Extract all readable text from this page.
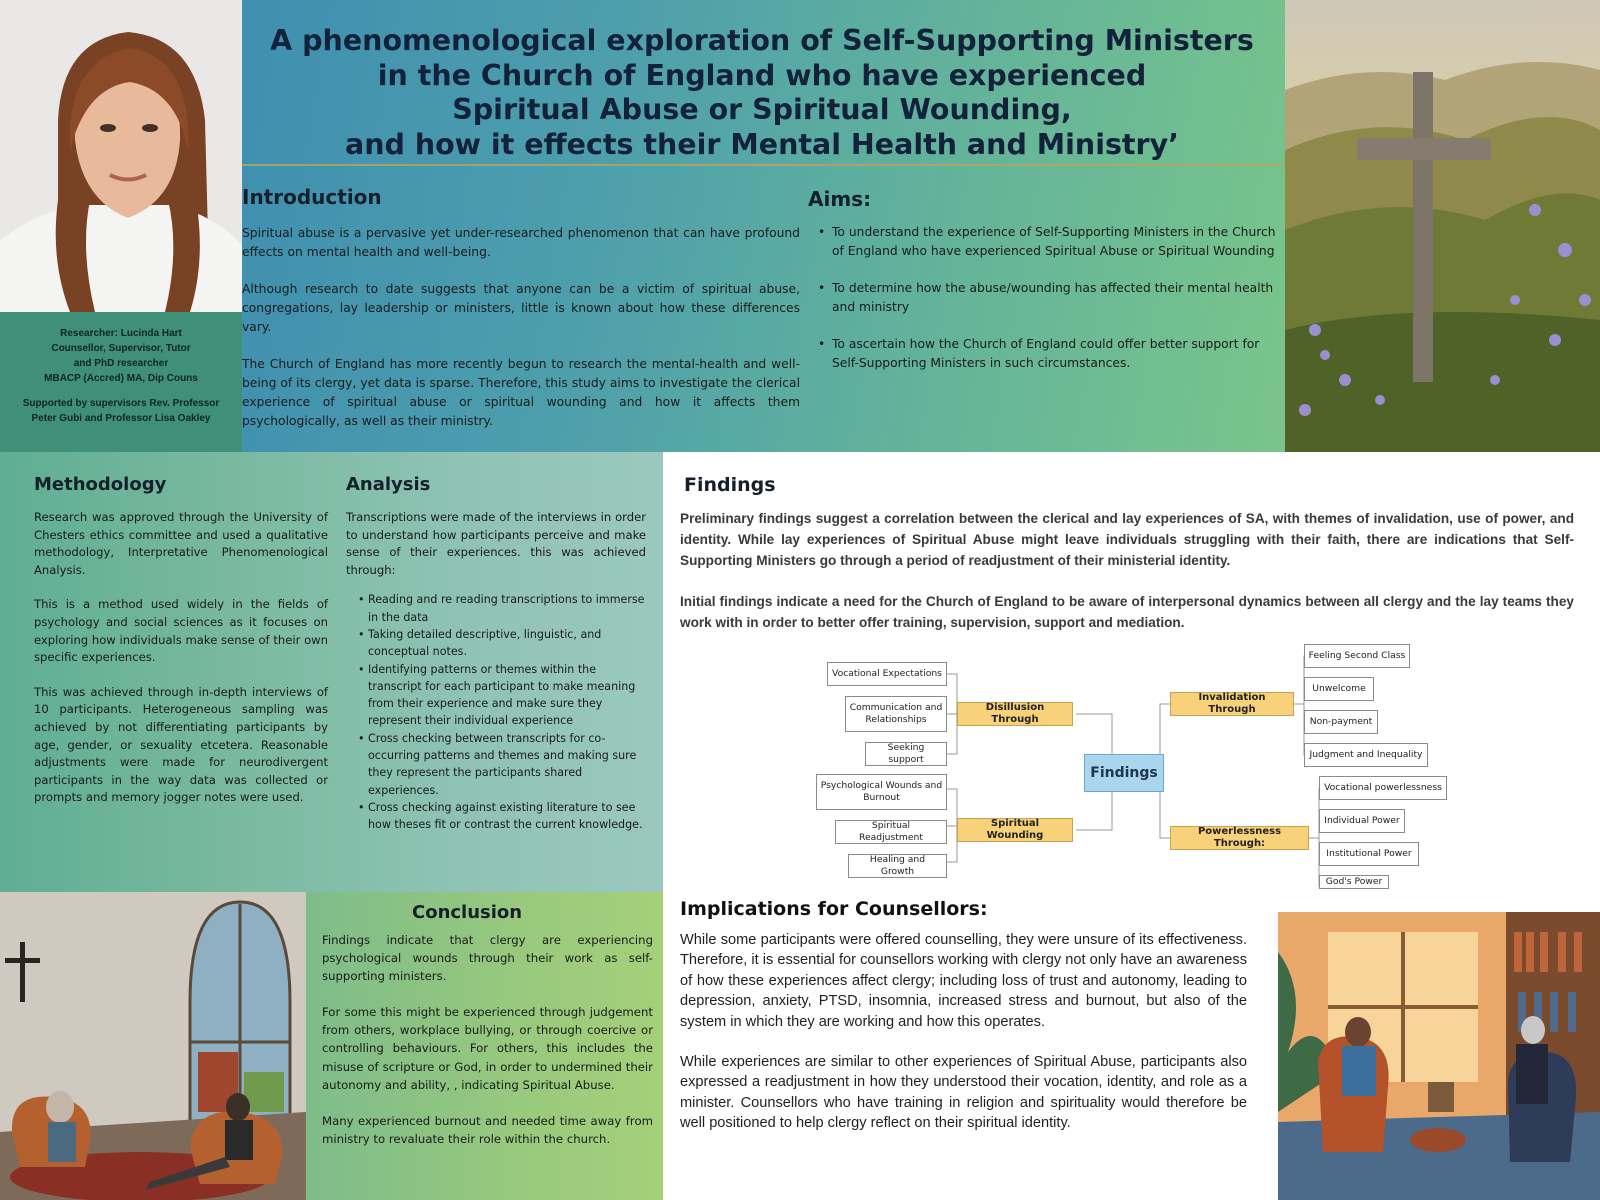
Researcher: Lucinda Hart
Counsellor, Supervisor, Tutor
and PhD researcher
MBACP (Accred) MA, Dip Couns
Supported by supervisors Rev. Professor
Peter Gubi and Professor Lisa Oakley
A phenomenological exploration of Self-Supporting Ministers
in the Church of England who have experienced
Spiritual Abuse or Spiritual Wounding,
and how it effects their Mental Health and Ministry’
Introduction

Spiritual abuse is a pervasive yet under-researched phenomenon that can have profound effects on mental health and well-being.

Although research to date suggests that anyone can be a victim of spiritual abuse, congregations, lay leadership or ministers, little is known about how these differences vary.

The Church of England has more recently begun to research the mental-health and well-being of its clergy, yet data is sparse. Therefore, this study aims to investigate the clerical experience of spiritual abuse or spiritual wounding and how it affects them psychologically, as well as their ministry.

Aims:
• To understand the experience of Self-Supporting Ministers in the Church of England who have experienced Spiritual Abuse or Spiritual Wounding
• To determine how the abuse/wounding has affected their mental health and ministry
• To ascertain how the Church of England could offer better support for Self-Supporting Ministers in such circumstances.
Methodology

Research was approved through the University of Chesters ethics committee and used a qualitative methodology, Interpretative Phenomenological Analysis.

This is a method used widely in the fields of psychology and social sciences as it focuses on exploring how individuals make sense of their own specific experiences.

This was achieved through in-depth interviews of 10 participants. Heterogeneous sampling was achieved by not differentiating participants by age, gender, or sexuality etcetera. Reasonable adjustments were made for neurodivergent participants in the way data was collected or prompts and memory jogger notes were used.

Analysis

Transcriptions were made of the interviews in order to understand how participants perceive and make sense of their experiences. this was achieved through:

• Reading and re reading transcriptions to immerse in the data
• Taking detailed descriptive, linguistic, and conceptual notes.
• Identifying patterns or themes within the transcript for each participant to make meaning from their experience and make sure they represent their individual experience
• Cross checking between transcripts for co-occurring patterns and themes and making sure they represent the participants shared experiences.
• Cross checking against existing literature to see how theses fit or contrast the current knowledge.
Findings

Preliminary findings suggest a correlation between the clerical and lay experiences of SA, with themes of invalidation, use of power, and identity. While lay experiences of Spiritual Abuse might leave individuals struggling with their faith, there are indications that Self-Supporting Ministers go through a period of readjustment of their ministerial identity.

Initial findings indicate a need for the Church of England to be aware of interpersonal dynamics between all clergy and the lay teams they work with in order to better offer training, supervision, support and mediation.

Vocational Expectations
Communication and Relationships
Seeking support
Psychological Wounds and Burnout
Spiritual Readjustment
Healing and Growth
Disillusion Through
Spiritual Wounding
Findings
Invalidation Through
Powerlessness Through:
Feeling Second Class
Unwelcome
Non-payment
Judgment and Inequality
Vocational powerlessness
Individual Power
Institutional Power
God's Power
Conclusion

Findings indicate that clergy are experiencing psychological wounds through their work as self-supporting ministers.

For some this might be experienced through judgement from others, workplace bullying, or through coercive or controlling behaviours. For others, this includes the misuse of scripture or God, in order to undermined their autonomy and ability, , indicating Spiritual Abuse.

Many experienced burnout and needed time away from ministry to revaluate their role within the church.

Implications for Counsellors:

While some participants were offered counselling, they were unsure of its effectiveness. Therefore, it is essential for counsellors working with clergy not only have an awareness of how these experiences affect clergy; including loss of trust and autonomy, leading to depression, anxiety, PTSD, insomnia, increased stress and burnout, but also of the system in which they are working and how this operates.

While experiences are similar to other experiences of Spiritual Abuse, participants also expressed a readjustment in how they understood their vocation, identity, and role as a minister. Counsellors who have training in religion and spirituality would therefore be well positioned to help clergy reflect on their spiritual identity.
